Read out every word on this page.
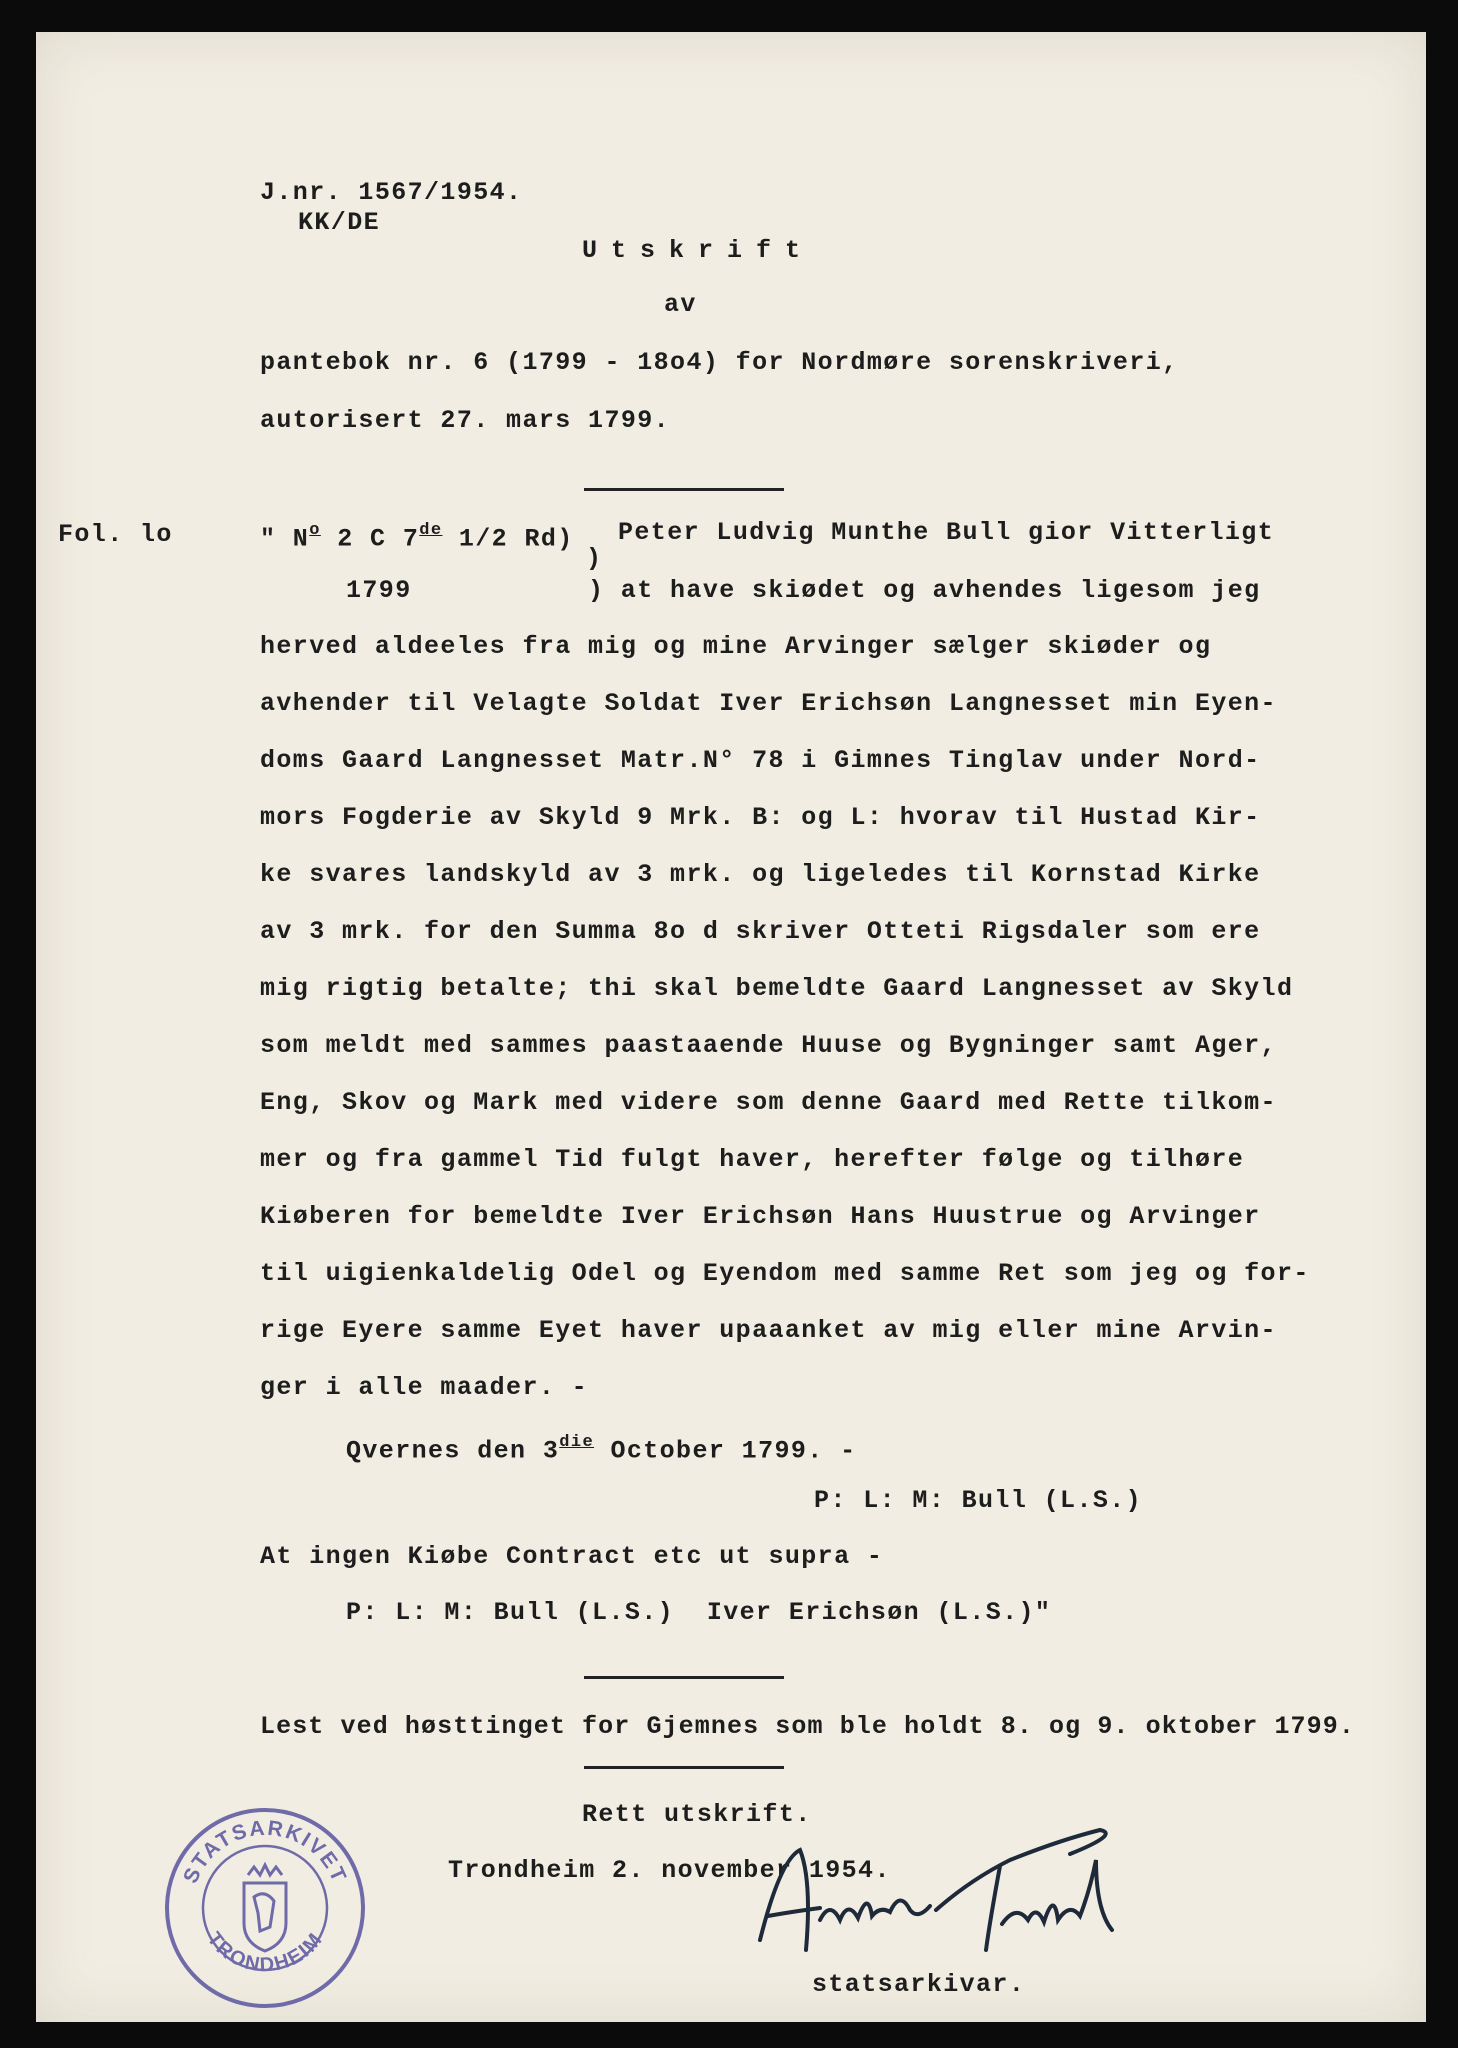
J.nr. 1567/1954.
KK/DE
Utskrift
av
pantebok nr. 6 (1799 - 18o4) for Nordmøre sorenskriveri,
autorisert 27. mars 1799.
Fol. lo	" $N^o$ 2 C 7de 1/2 Rd) Peter Ludvig Munthe Bull gior Vitterligt
)
1799	) at have skiødet og avhendes ligesom jeg
herved aldeeles fra mig og mine Arvinger sælger skiøder og
avhender til Velagte Soldat Iver Erichsøn Langnesset min Eyen-
doms Gaard Langnesset Matr.N° 78 i Gimnes Tinglav under Nord-
mors Fogderie av Skyld 9 Mrk. B: og L: hvorav til Hustad Kir-
ke svares landskyld av 3 mrk. og ligeledes til Kornstad Kirke
av 3 mrk. for den Summa 8o d skriver Otteti Rigsdaler som ere
mig rigtig betalte; thi skal bemeldte Gaard Langnesset av Skyld
som meldt med sammes paastaaende Huuse og Bygninger samt Ager,
Eng, Skov og Mark med videre som denne Gaard med Rette tilkom-
mer og fra gammel Tid fulgt haver, herefter følge og tilhøre
Kiøberen for bemeldte Iver Erichsøn Hans Huustrue og Arvinger
til uigienkaldelig Odel og Eyendom med samme Ret som jeg og for-
rige Eyere samme Eyet haver upaaanket av mig eller mine Arvin-
ger i alle maader. -
Qvernes den $3^{die}$ October 1799. -
P: L: M: Bull (L.S.)
At ingen Kiøbe Contract etc ut supra -
P: L: M: Bull (L.S.)  Iver Erichsøn (L.S.)"
Lest ved høsttinget for Gjemnes som ble holdt 8. og 9. oktober 1799.
Rett utskrift.
Trondheim 2. november 1954.
statsarkivar.
STATSARKIVET
TRONDHEIM
